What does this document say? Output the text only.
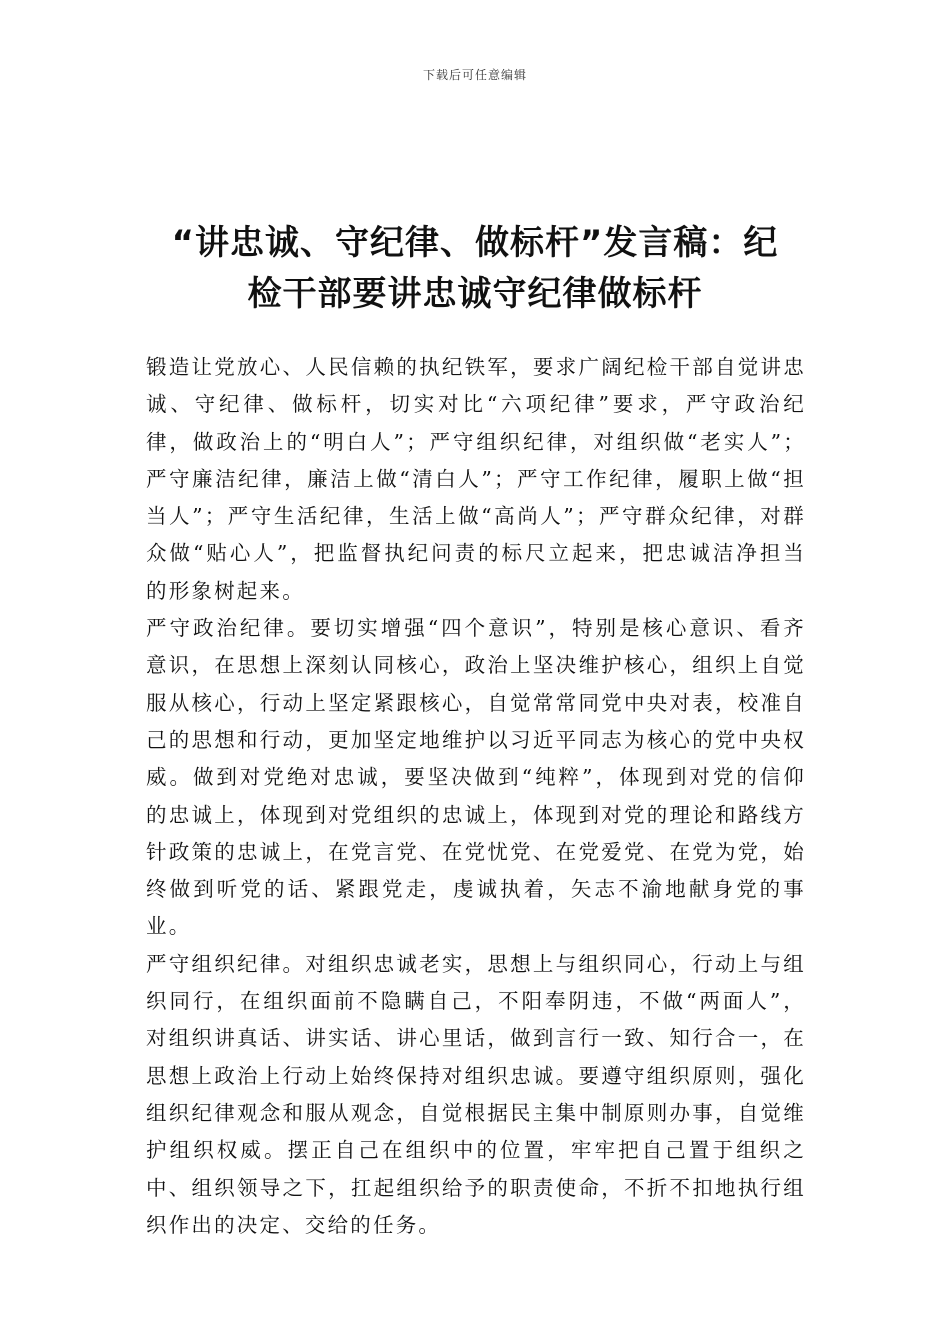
下载后可任意编辑
“讲忠诚、守纪律、做标杆”发言稿：纪
检干部要讲忠诚守纪律做标杆

锻造让党放心、人民信赖的执纪铁军，要求广阔纪检干部自觉讲忠诚、守纪律、做标杆，切实对比“六项纪律”要求，严守政治纪律，做政治上的“明白人”；严守组织纪律，对组织做“老实人”；严守廉洁纪律，廉洁上做“清白人”；严守工作纪律，履职上做“担当人”；严守生活纪律，生活上做“高尚人”；严守群众纪律，对群众做“贴心人”，把监督执纪问责的标尺立起来，把忠诚洁净担当的形象树起来。

严守政治纪律。要切实增强“四个意识”，特别是核心意识、看齐意识，在思想上深刻认同核心，政治上坚决维护核心，组织上自觉服从核心，行动上坚定紧跟核心，自觉常常同党中央对表，校准自己的思想和行动，更加坚定地维护以习近平同志为核心的党中央权威。做到对党绝对忠诚，要坚决做到“纯粹”，体现到对党的信仰的忠诚上，体现到对党组织的忠诚上，体现到对党的理论和路线方针政策的忠诚上，在党言党、在党忧党、在党爱党、在党为党，始终做到听党的话、紧跟党走，虔诚执着，矢志不渝地献身党的事业。

严守组织纪律。对组织忠诚老实，思想上与组织同心，行动上与组织同行，在组织面前不隐瞒自己，不阳奉阴违，不做“两面人”，对组织讲真话、讲实话、讲心里话，做到言行一致、知行合一，在思想上政治上行动上始终保持对组织忠诚。要遵守组织原则，强化组织纪律观念和服从观念，自觉根据民主集中制原则办事，自觉维护组织权威。摆正自己在组织中的位置，牢牢把自己置于组织之中、组织领导之下，扛起组织给予的职责使命，不折不扣地执行组织作出的决定、交给的任务。
